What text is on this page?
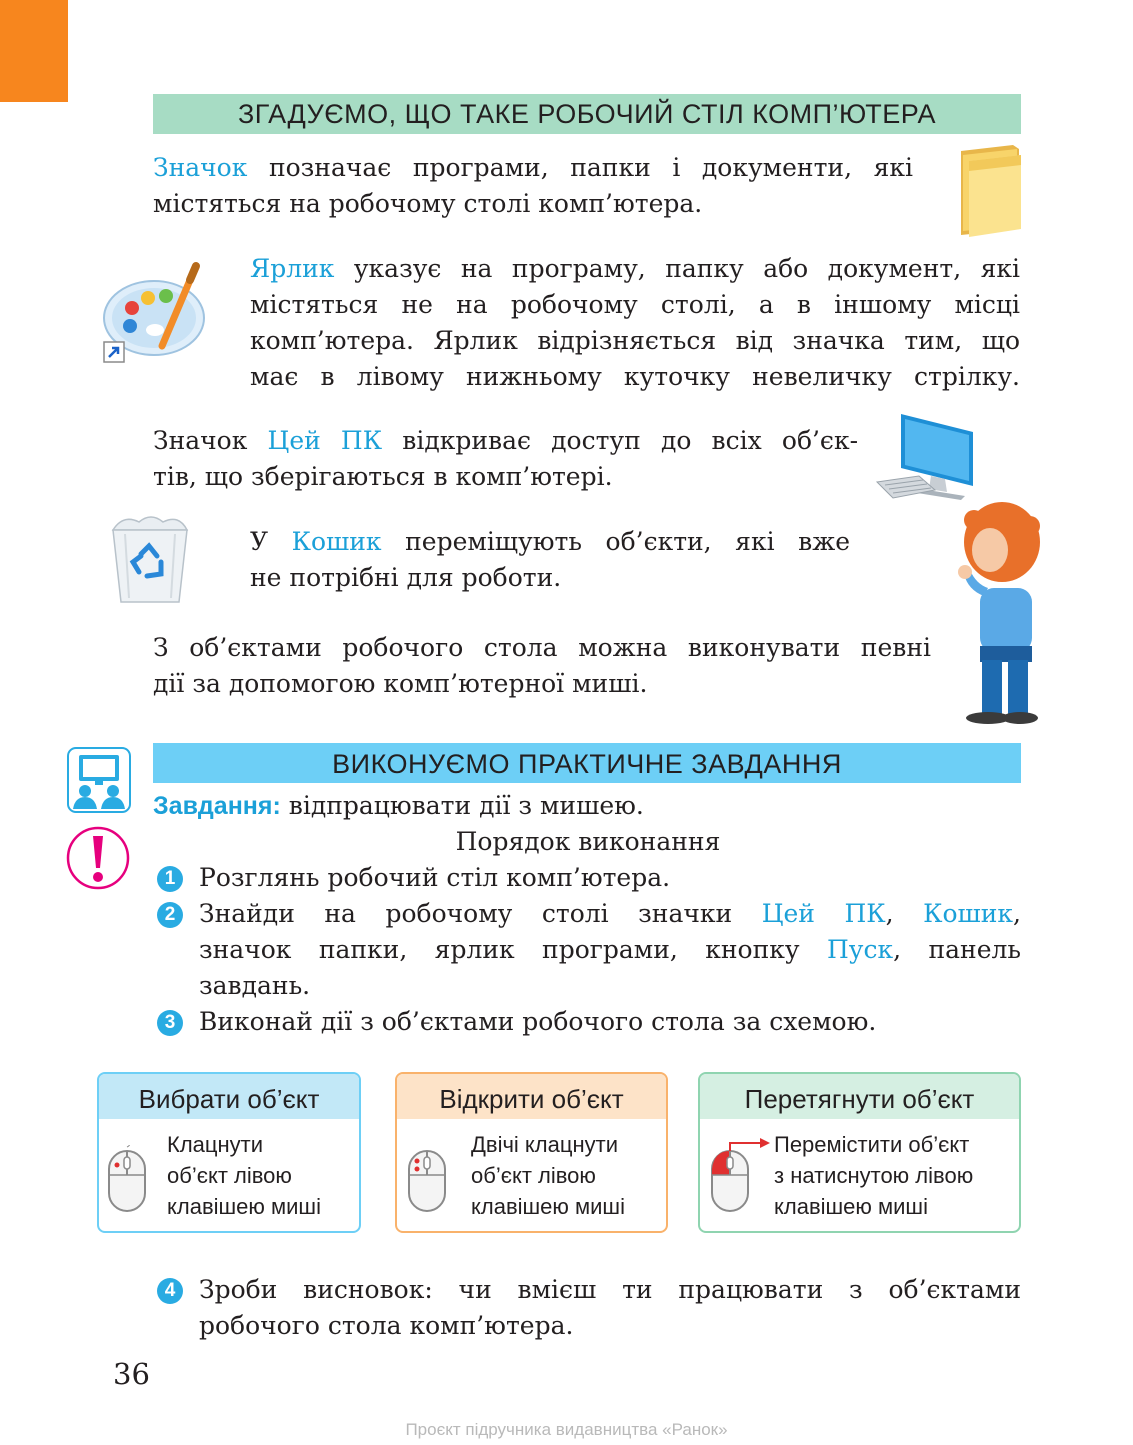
ЗГАДУЄМО, ЩО ТАКЕ РОБОЧИЙ СТІЛ КОМП’ЮТЕРА
Значок позначає програми, папки і документи, які
містяться на робочому столі комп’ютера.
Ярлик указує на програму, папку або документ, які
містяться не на робочому столі, а в іншому місці
комп’ютера. Ярлик відрізняється від значка тим, що
має в лівому нижньому куточку невеличку стрілку.
Значок Цей ПК відкриває доступ до всіх об’єк-
тів, що зберігаються в комп’ютері.
У Кошик переміщують об’єкти, які вже
не потрібні для роботи.
З об’єктами робочого стола можна виконувати певні
дії за допомогою комп’ютерної миші.
ВИКОНУЄМО ПРАКТИЧНЕ ЗАВДАННЯ
Завдання: відпрацювати дії з мишею.
Порядок виконання
1 Розглянь робочий стіл комп’ютера.
2 Знайди на робочому столі значки Цей ПК, Кошик,
значок папки, ярлик програми, кнопку Пуск, панель
завдань.
3 Виконай дії з об’єктами робочого стола за схемою.
Вибрати об’єкт
Клацнути
об’єкт лівою
клавішею миші
Відкрити об’єкт
Двічі клацнути
об’єкт лівою
клавішею миші
Перетягнути об’єкт
Перемістити об’єкт
з натиснутою лівою
клавішею миші
4 Зроби висновок: чи вмієш ти працювати з об’єктами
робочого стола комп’ютера.
36
Проєкт підручника видавництва «Ранок»
